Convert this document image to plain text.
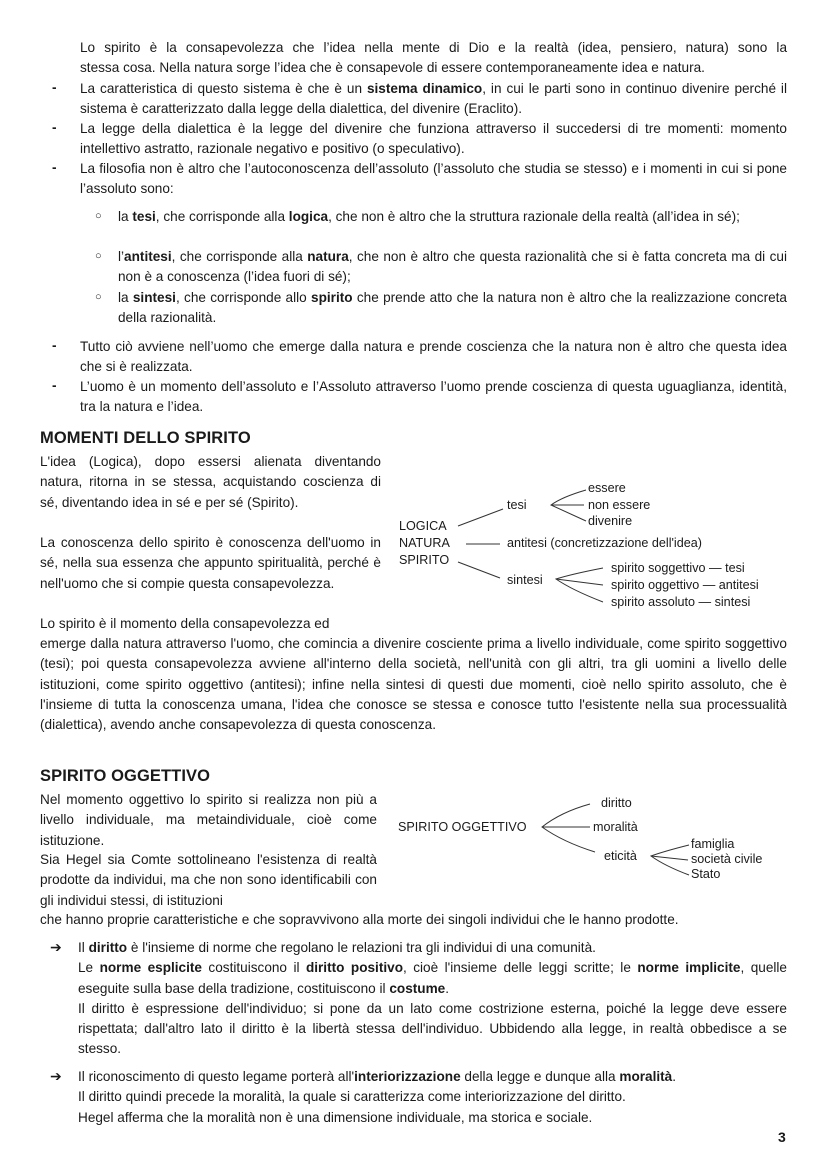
Lo spirito è la consapevolezza che l’idea nella mente di Dio e la realtà (idea, pensiero, natura) sono la

stessa cosa. Nella natura sorge l’idea che è consapevole di essere contemporaneamente idea e natura.

- La caratteristica di questo sistema è che è un sistema dinamico, in cui le parti sono in continuo divenire perché il sistema è caratterizzato dalla legge della dialettica, del divenire (Eraclito).

- La legge della dialettica è la legge del divenire che funziona attraverso il succedersi di tre momenti: momento intellettivo astratto, razionale negativo e positivo (o speculativo).

- La filosofia non è altro che l’autoconoscenza dell’assoluto (l’assoluto che studia se stesso) e i momenti in cui si pone l’assoluto sono:

○ la tesi, che corrisponde alla logica, che non è altro che la struttura razionale della realtà (all’idea in sé);

○ l’antitesi, che corrisponde alla natura, che non è altro che questa razionalità che si è fatta concreta ma di cui non è a conoscenza (l’idea fuori di sé);

○ la sintesi, che corrisponde allo spirito che prende atto che la natura non è altro che la realizzazione concreta della razionalità.

- Tutto ciò avviene nell’uomo che emerge dalla natura e prende coscienza che la natura non è altro che questa idea che si è realizzata.

- L’uomo è un momento dell’assoluto e l’Assoluto attraverso l’uomo prende coscienza di questa uguaglianza, identità, tra la natura e l’idea.

MOMENTI DELLO SPIRITO

L'idea (Logica), dopo essersi alienata diventando natura, ritorna in se stessa, acquistando coscienza di sé, diventando idea in sé e per sé (Spirito).

La conoscenza dello spirito è conoscenza dell'uomo in sé, nella sua essenza che appunto spiritualità, perché è nell'uomo che si compie questa consapevolezza.

Lo spirito è il momento della consapevolezza ed

emerge dalla natura attraverso l'uomo, che comincia a divenire cosciente prima a livello individuale, come spirito soggettivo (tesi); poi questa consapevolezza avviene all'interno della società, nell'unità con gli altri, tra gli uomini a livello delle istituzioni, come spirito oggettivo (antitesi); infine nella sintesi di questi due momenti, cioè nello spirito assoluto, che è l'insieme di tutta la conoscenza umana, l'idea che conosce se stessa e conosce tutto l'esistente nella sua processualità (dialettica), avendo anche consapevolezza di questa conoscenza.

LOGICA
NATURA
SPIRITO
tesi
essere
non essere
divenire
antitesi (concretizzazione dell'idea)
sintesi
spirito soggettivo — tesi
spirito oggettivo — antitesi
spirito assoluto — sintesi
SPIRITO OGGETTIVO

Nel momento oggettivo lo spirito si realizza non più a livello individuale, ma metaindividuale, cioè come istituzione.

Sia Hegel sia Comte sottolineano l'esistenza di realtà prodotte da individui, ma che non sono identificabili con gli individui stessi, di istituzioni

che hanno proprie caratteristiche e che sopravvivono alla morte dei singoli individui che le hanno prodotte.

SPIRITO OGGETTIVO
diritto
moralità
eticità
famiglia
società civile
Stato
➔ Il diritto è l'insieme di norme che regolano le relazioni tra gli individui di una comunità.
Le norme esplicite costituiscono il diritto positivo, cioè l'insieme delle leggi scritte; le norme implicite, quelle eseguite sulla base della tradizione, costituiscono il costume.
Il diritto è espressione dell'individuo; si pone da un lato come costrizione esterna, poiché la legge deve essere rispettata; dall'altro lato il diritto è la libertà stessa dell'individuo. Ubbidendo alla legge, in realtà obbedisce a se stesso.
➔ Il riconoscimento di questo legame porterà all'interiorizzazione della legge e dunque alla moralità.
Il diritto quindi precede la moralità, la quale si caratterizza come interiorizzazione del diritto.
Hegel afferma che la moralità non è una dimensione individuale, ma storica e sociale.
3
